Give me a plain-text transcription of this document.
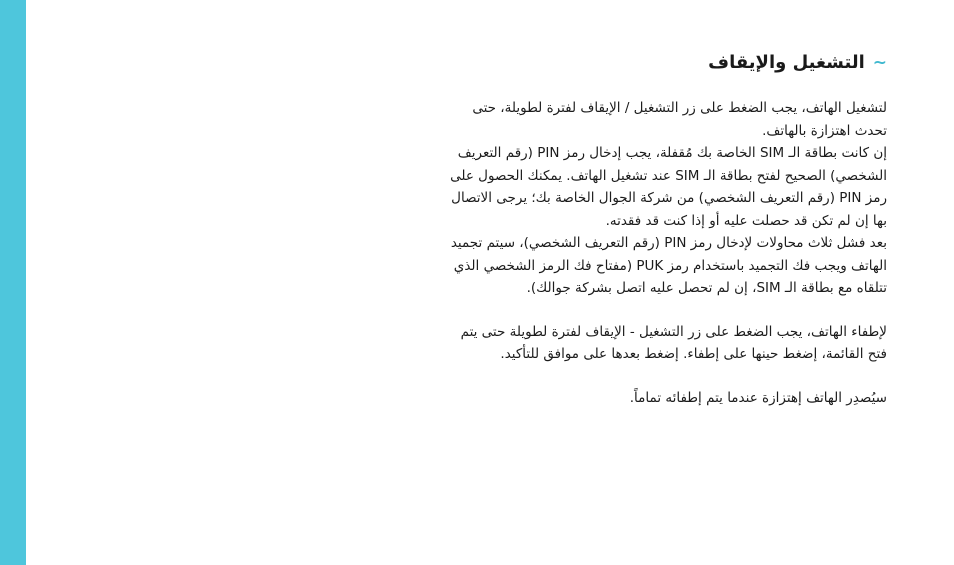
~
التشغيل والإيقاف

لتشغيل الهاتف، يجب الضغط على زر التشغيل / الإيقاف لفترة لطويلة، حتى تحدث اهتزازة بالهاتف.

إن كانت بطاقة الـ SIM الخاصة بك مُقفلة، يجب إدخال رمز PIN (رقم التعريف الشخصي) الصحيح لفتح بطاقة الـ SIM عند تشغيل الهاتف. يمكنك الحصول على رمز PIN (رقم التعريف الشخصي) من شركة الجوال الخاصة بك؛ يرجى الاتصال بها إن لم تكن قد حصلت عليه أو إذا كنت قد فقدته.

بعد فشل ثلاث محاولات لإدخال رمز PIN (رقم التعريف الشخصي)، سيتم تجميد الهاتف ويجب فك التجميد باستخدام رمز PUK (مفتاح فك الرمز الشخصي الذي تتلقاه مع بطاقة الـ SIM، إن لم تحصل عليه اتصل بشركة جوالك).

لإطفاء الهاتف، يجب الضغط على زر التشغيل - الإيقاف لفترة لطويلة حتى يتم فتح القائمة، إضغط حينها على إطفاء. إضغط بعدها على موافق للتأكيد.

سيُصدِر الهاتف إهتزازة عندما يتم إطفائه تماماً.
